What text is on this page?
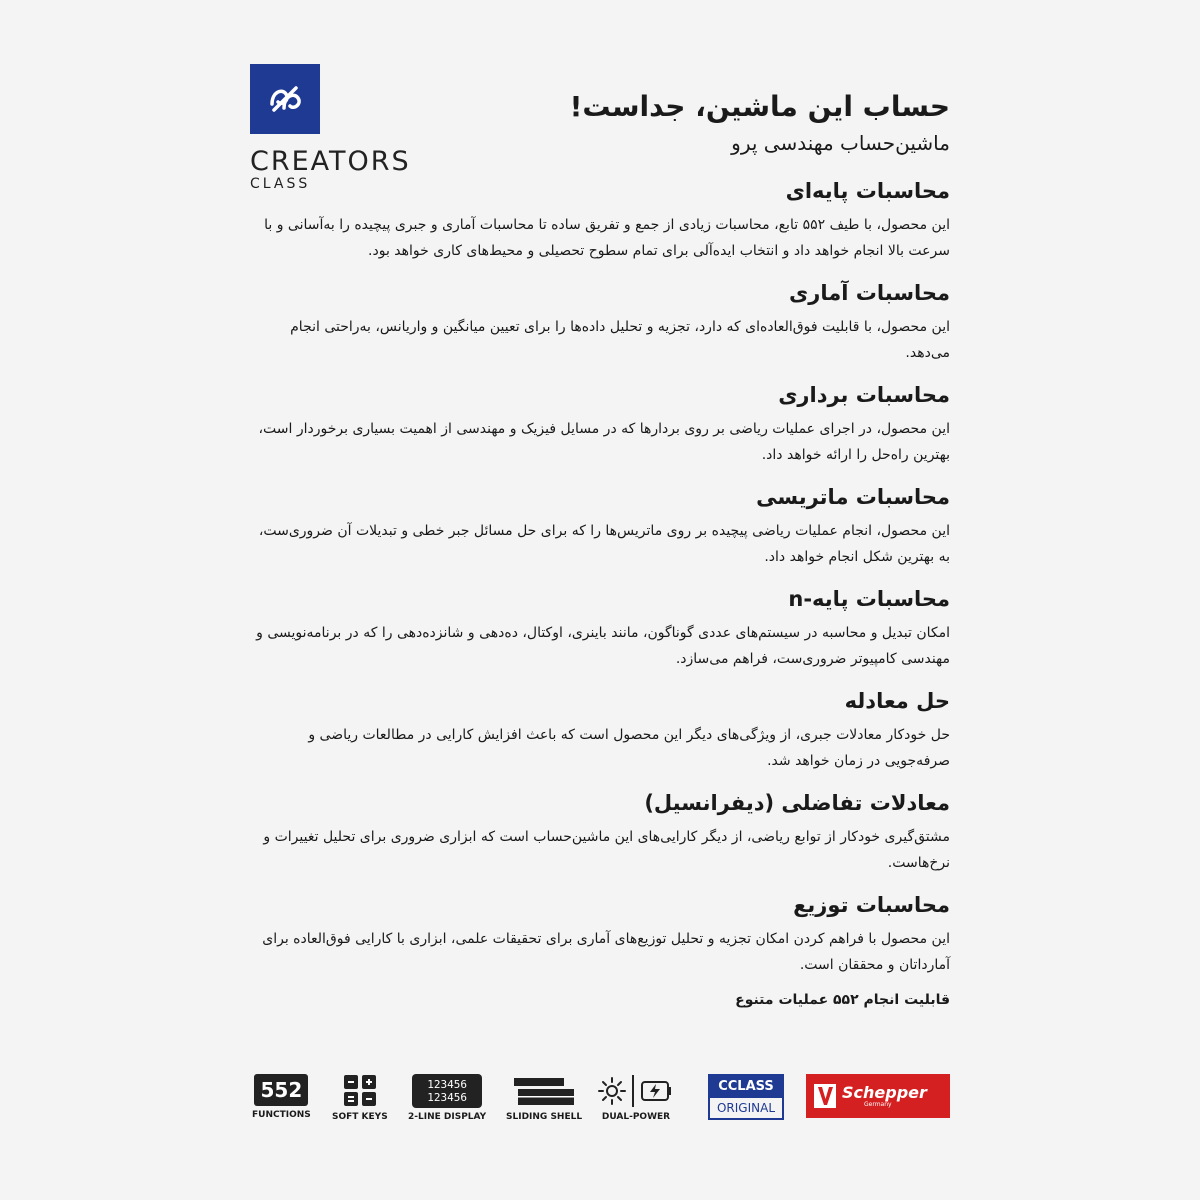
CREATORS
CLASS
حساب این ماشین، جداست!
ماشین‌حساب مهندسی پرو
محاسبات پایه‌ای

این محصول، با طیف ۵۵۲ تابع، محاسبات زیادی از جمع و تفریق ساده تا محاسبات آماری و جبری پیچیده را به‌آسانی و با سرعت بالا انجام خواهد داد و انتخاب ایده‌آلی برای تمام سطوح تحصیلی و محیط‌های کاری خواهد بود.

محاسبات آماری

این محصول، با قابلیت فوق‌العاده‌ای که دارد، تجزیه و تحلیل داده‌ها را برای تعیین میانگین و واریانس، به‌راحتی انجام می‌دهد.

محاسبات برداری

این محصول، در اجرای عملیات ریاضی بر روی بردارها که در مسایل فیزیک و مهندسی از اهمیت بسیاری برخوردار است، بهترین راه‌حل را ارائه خواهد داد.

محاسبات ماتریسی

این محصول، انجام عملیات ریاضی پیچیده بر روی ماتریس‌ها را که برای حل مسائل جبر خطی و تبدیلات آن ضروری‌ست، به بهترین شکل انجام خواهد داد.

محاسبات پایه-n

امکان تبدیل و محاسبه در سیستم‌های عددی گوناگون، مانند باینری، اوکتال، ده‌دهی و شانزده‌دهی را که در برنامه‌نویسی و مهندسی کامپیوتر ضروری‌ست، فراهم می‌سازد.

حل معادله

حل خودکار معادلات جبری، از ویژگی‌های دیگر این محصول است که باعث افزایش کارایی در مطالعات ریاضی و صرفه‌جویی در زمان خواهد شد.

معادلات تفاضلی (دیفرانسیل)

مشتق‌گیری خودکار از توابع ریاضی، از دیگر کارایی‌های این ماشین‌حساب است که ابزاری ضروری برای تحلیل تغییرات و نرخ‌هاست.

محاسبات توزیع

این محصول با فراهم کردن امکان تجزیه و تحلیل توزیع‌های آماری برای تحقیقات علمی، ابزاری با کارایی فوق‌العاده برای آمارداتان و محققان است.

قابلیت انجام ۵۵۲ عملیات متنوع
552
FUNCTIONS SOFT KEYS
123456
123456
2-LINE DISPLAY SLIDING SHELL DUAL-POWER
CCLASS
ORIGINAL
Schepper
Germany
